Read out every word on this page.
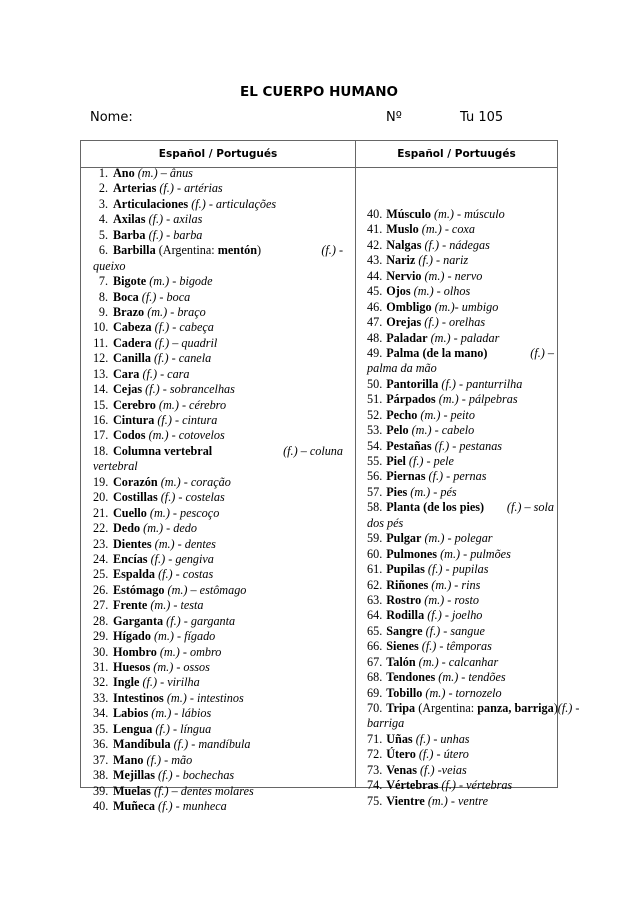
EL CUERPO HUMANO
Nome:	Nº	Tu 105
Español / Portugués	Español / Portuugés
1. Ano (m.) – ânus
2. Arterias (f.) - artérias
3. Articulaciones (f.) - articulações
4. Axilas (f.) - axilas
5. Barba (f.) - barba
6. Barbilla (Argentina: mentón)	(f.) -
queixo
7. Bigote (m.) - bigode
8. Boca (f.) - boca
9. Brazo (m.) - braço
10. Cabeza (f.) - cabeça
11. Cadera (f.) – quadril
12. Canilla (f.) - canela
13. Cara (f.) - cara
14. Cejas (f.) - sobrancelhas
15. Cerebro (m.) - cérebro
16. Cintura (f.) - cintura
17. Codos (m.) - cotovelos
18. Columna vertebral	(f.) – coluna
vertebral
19. Corazón (m.) - coração
20. Costillas (f.) - costelas
21. Cuello (m.) - pescoço
22. Dedo (m.) - dedo
23. Dientes (m.) - dentes
24. Encías (f.) - gengiva
25. Espalda (f.) - costas
26. Estómago (m.) – estômago
27. Frente (m.) - testa
28. Garganta (f.) - garganta
29. Hígado (m.) - fígado
30. Hombro (m.) - ombro
31. Huesos (m.) - ossos
32. Ingle (f.) - virilha
33. Intestinos (m.) - intestinos
34. Labios (m.) - lábios
35. Lengua (f.) - língua
36. Mandíbula (f.) - mandíbula
37. Mano (f.) - mão
38. Mejillas (f.) - bochechas
39. Muelas (f.) – dentes molares
40. Muñeca (f.) - munheca
40. Músculo (m.) - músculo
41. Muslo (m.) - coxa
42. Nalgas (f.) - nádegas
43. Nariz (f.) - nariz
44. Nervio (m.) - nervo
45. Ojos (m.) - olhos
46. Ombligo (m.)- umbigo
47. Orejas (f.) - orelhas
48. Paladar (m.) - paladar
49. Palma (de la mano)	(f.) –
palma da mão
50. Pantorilla (f.) - panturrilha
51. Párpados (m.) - pálpebras
52. Pecho (m.) - peito
53. Pelo (m.) - cabelo
54. Pestañas (f.) - pestanas
55. Piel (f.) - pele
56. Piernas (f.) - pernas
57. Pies (m.) - pés
58. Planta (de los pies) (f.) – sola
dos pés
59. Pulgar (m.) - polegar
60. Pulmones (m.) - pulmões
61. Pupilas (f.) - pupilas
62. Riñones (m.) - rins
63. Rostro (m.) - rosto
64. Rodilla (f.) - joelho
65. Sangre (f.) - sangue
66. Sienes (f.) - têmporas
67. Talón (m.) - calcanhar
68. Tendones (m.) - tendões
69. Tobillo (m.) - tornozelo
70. Tripa (Argentina: panza, barriga) (f.) -
barriga
71. Uñas (f.) - unhas
72. Útero (f.) - útero
73. Venas (f.) -veias
74. Vértebras (f.) - vértebras
75. Vientre (m.) - ventre
